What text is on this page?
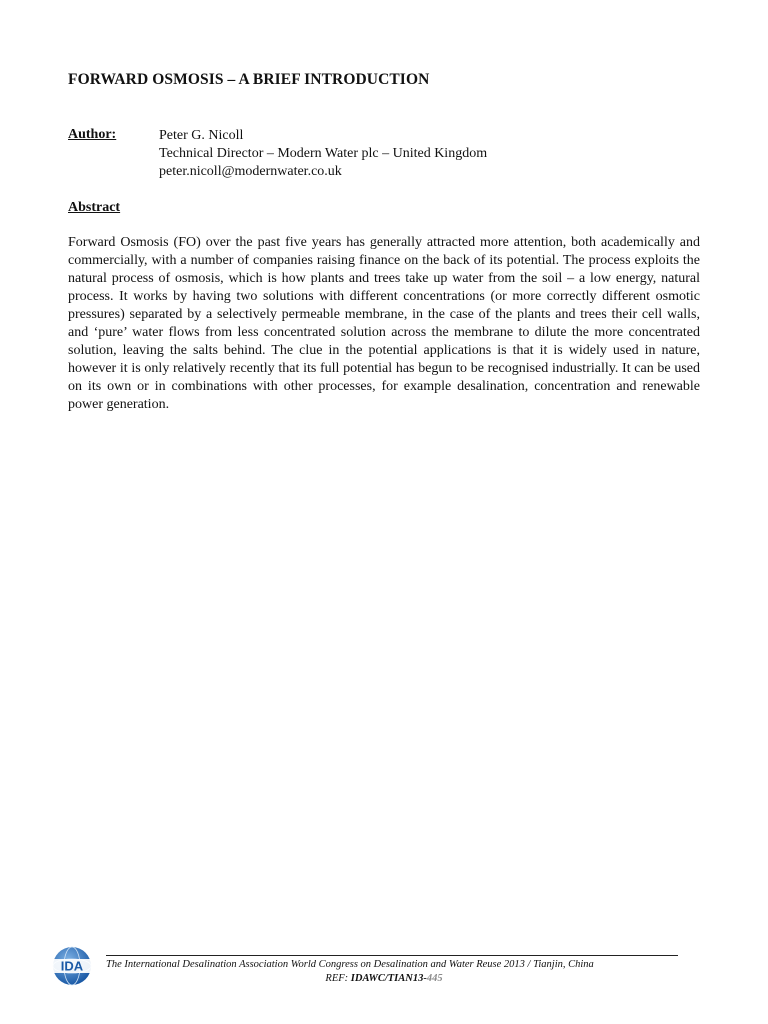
FORWARD OSMOSIS – A BRIEF INTRODUCTION
Author:	Peter G. Nicoll
Technical Director – Modern Water plc – United Kingdom
peter.nicoll@modernwater.co.uk
Abstract

Forward Osmosis (FO) over the past five years has generally attracted more attention, both academically and commercially, with a number of companies raising finance on the back of its potential. The process exploits the natural process of osmosis, which is how plants and trees take up water from the soil – a low energy, natural process. It works by having two solutions with different concentrations (or more correctly different osmotic pressures) separated by a selectively permeable membrane, in the case of the plants and trees their cell walls, and ‘pure’ water flows from less concentrated solution across the membrane to dilute the more concentrated solution, leaving the salts behind. The clue in the potential applications is that it is widely used in nature, however it is only relatively recently that its full potential has begun to be recognised industrially. It can be used on its own or in combinations with other processes, for example desalination, concentration and renewable power generation.

IDA The International Desalination Association World Congress on Desalination and Water Reuse 2013 / Tianjin, China
REF: IDAWC/TIAN13-445
